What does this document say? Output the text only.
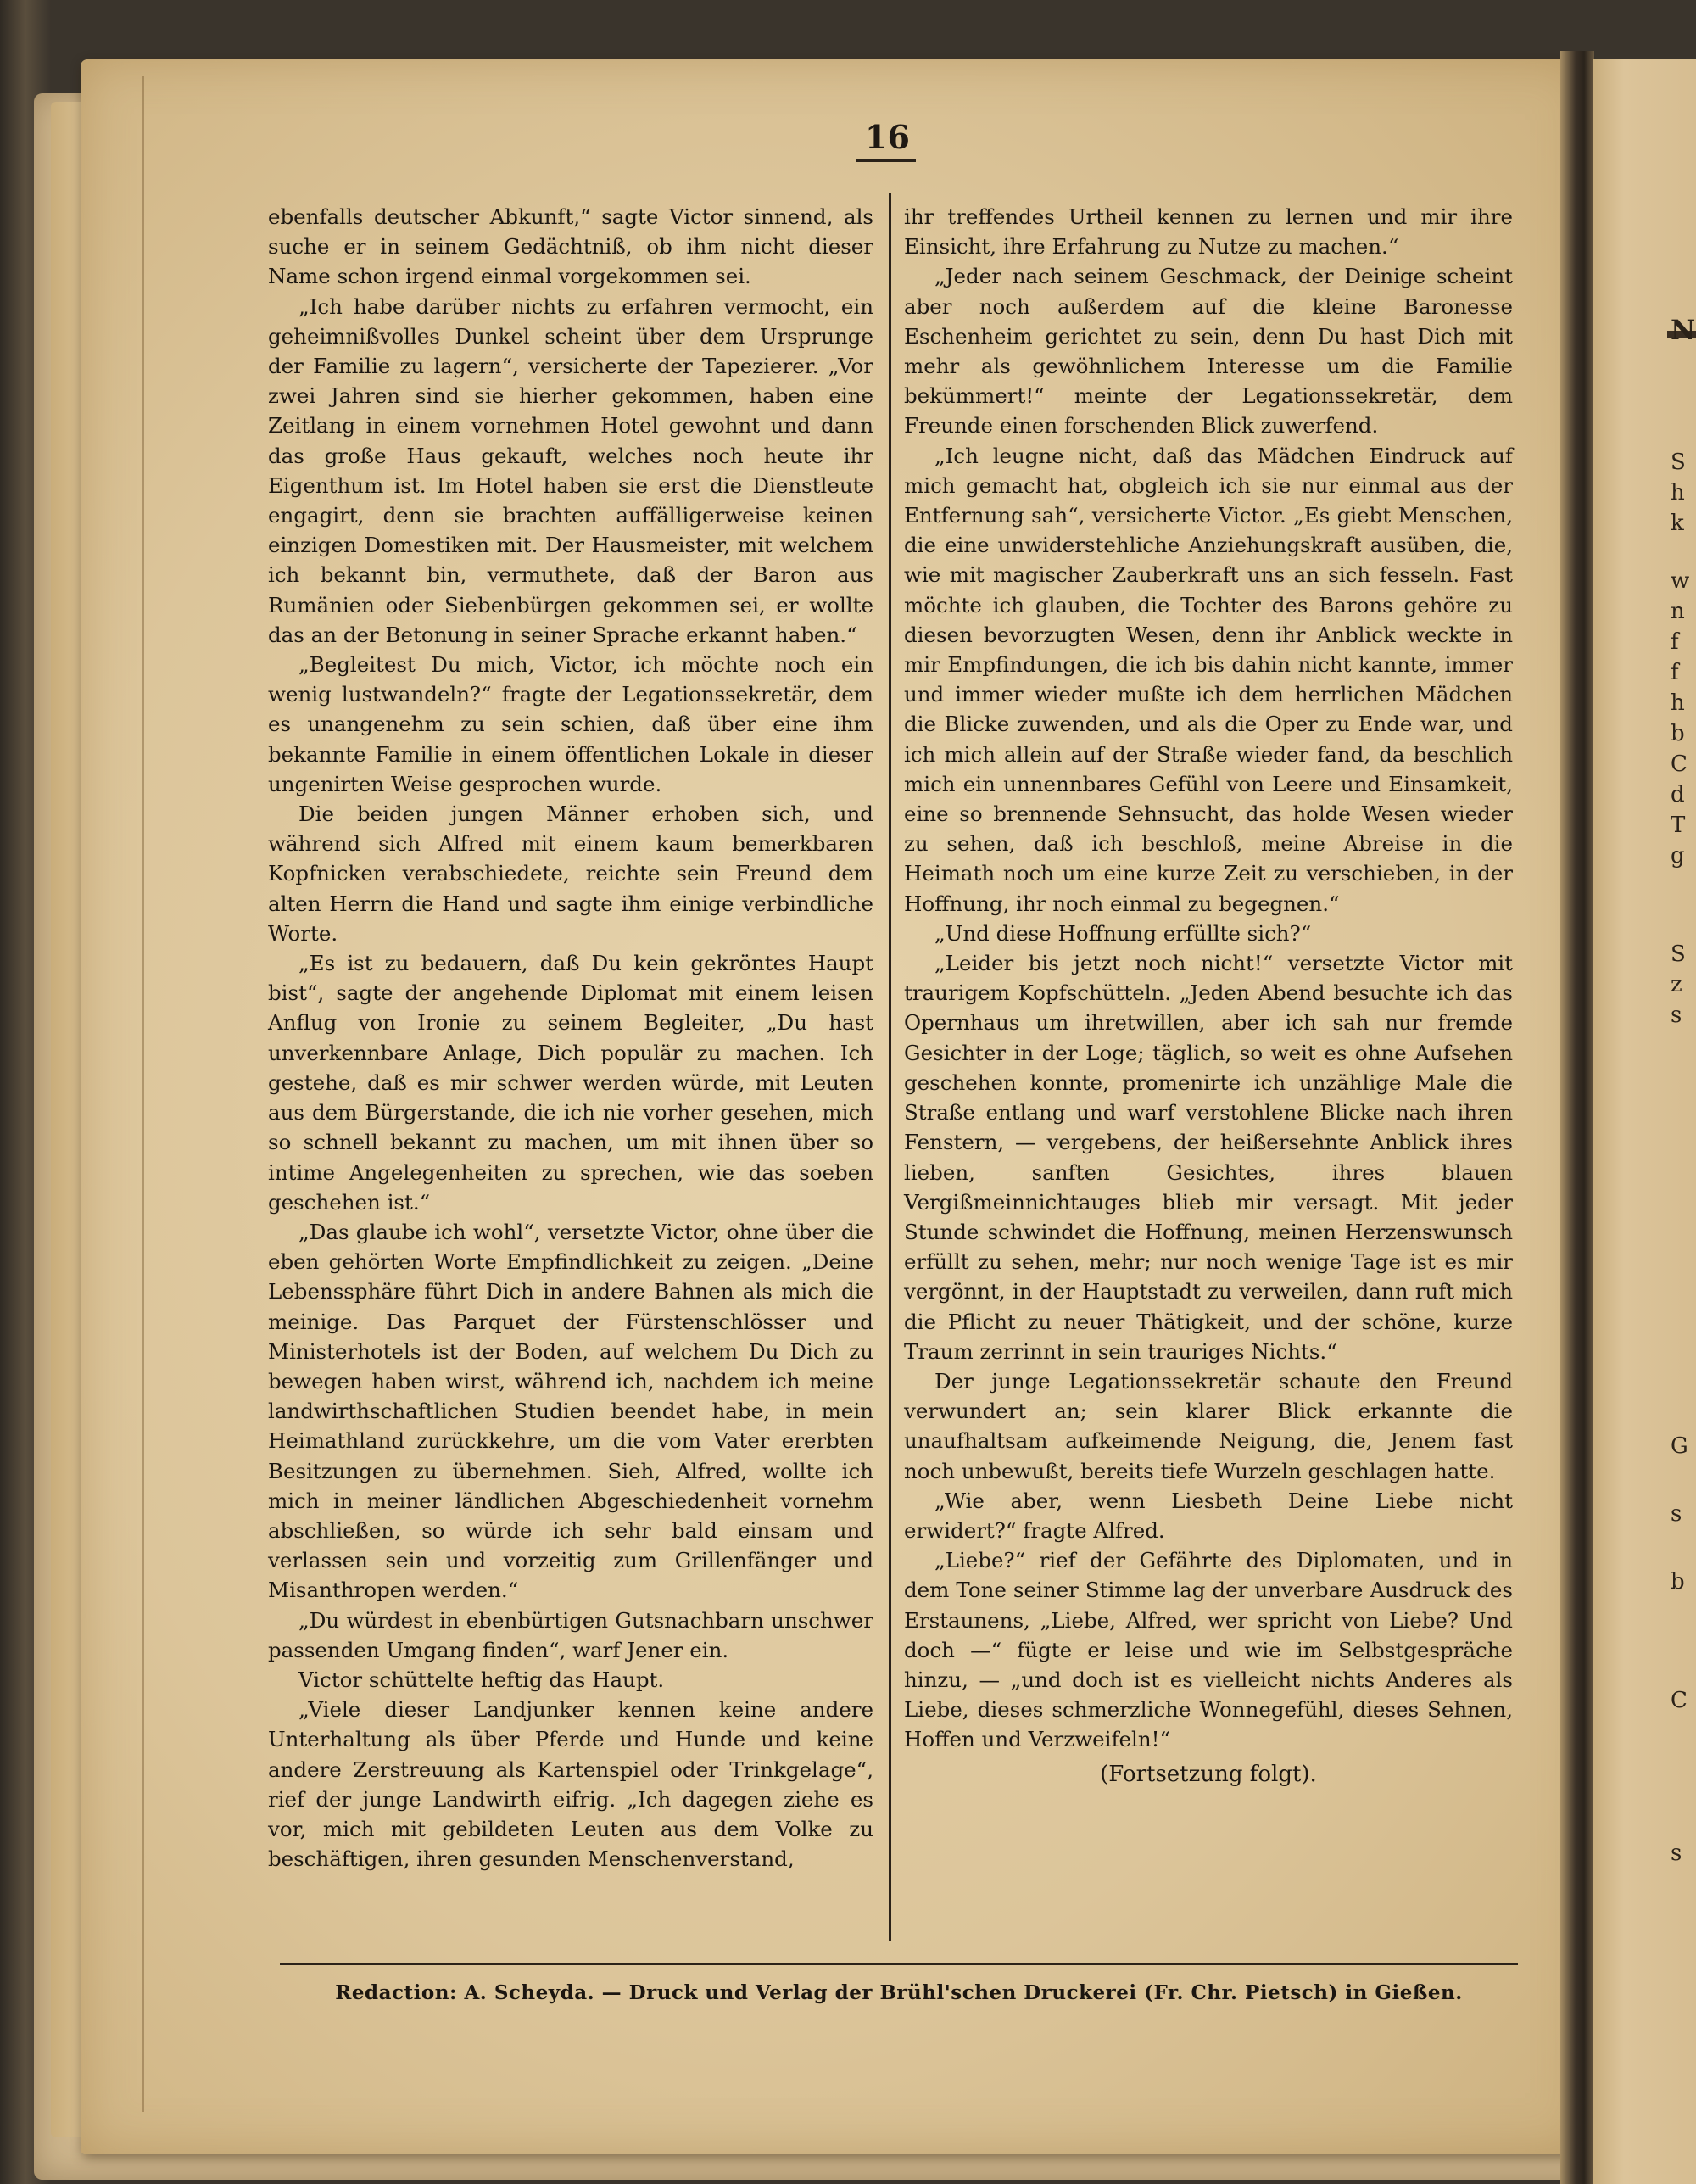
N
S
h
k
w
n
f
f
h
b
C
d
T
g
S
z
s
G
s
b
C
s
16

ebenfalls deutscher Abkunft,“ sagte Victor sinnend, als suche er in seinem Gedächtniß, ob ihm nicht dieser Name schon irgend einmal vorgekommen sei.

„Ich habe darüber nichts zu erfahren vermocht, ein geheimnißvolles Dunkel scheint über dem Ursprunge der Familie zu lagern“, versicherte der Tapezierer. „Vor zwei Jahren sind sie hierher gekommen, haben eine Zeitlang in einem vornehmen Hotel gewohnt und dann das große Haus gekauft, welches noch heute ihr Eigenthum ist. Im Hotel haben sie erst die Dienstleute engagirt, denn sie brachten auffälligerweise keinen einzigen Domestiken mit. Der Hausmeister, mit welchem ich bekannt bin, vermuthete, daß der Baron aus Rumänien oder Siebenbürgen gekommen sei, er wollte das an der Betonung in seiner Sprache erkannt haben.“

„Begleitest Du mich, Victor, ich möchte noch ein wenig lustwandeln?“ fragte der Legationssekretär, dem es unangenehm zu sein schien, daß über eine ihm bekannte Familie in einem öffentlichen Lokale in dieser ungenirten Weise gesprochen wurde.

Die beiden jungen Männer erhoben sich, und während sich Alfred mit einem kaum bemerkbaren Kopfnicken verabschiedete, reichte sein Freund dem alten Herrn die Hand und sagte ihm einige verbindliche Worte.

„Es ist zu bedauern, daß Du kein gekröntes Haupt bist“, sagte der angehende Diplomat mit einem leisen Anflug von Ironie zu seinem Begleiter, „Du hast unverkennbare Anlage, Dich populär zu machen. Ich gestehe, daß es mir schwer werden würde, mit Leuten aus dem Bürgerstande, die ich nie vorher gesehen, mich so schnell bekannt zu machen, um mit ihnen über so intime Angelegenheiten zu sprechen, wie das soeben geschehen ist.“

„Das glaube ich wohl“, versetzte Victor, ohne über die eben gehörten Worte Empfindlichkeit zu zeigen. „Deine Lebenssphäre führt Dich in andere Bahnen als mich die meinige. Das Parquet der Fürstenschlösser und Ministerhotels ist der Boden, auf welchem Du Dich zu bewegen haben wirst, während ich, nachdem ich meine landwirthschaftlichen Studien beendet habe, in mein Heimathland zurückkehre, um die vom Vater ererbten Besitzungen zu übernehmen. Sieh, Alfred, wollte ich mich in meiner ländlichen Abgeschiedenheit vornehm abschließen, so würde ich sehr bald einsam und verlassen sein und vorzeitig zum Grillenfänger und Misanthropen werden.“

„Du würdest in ebenbürtigen Gutsnachbarn unschwer passenden Umgang finden“, warf Jener ein.

Victor schüttelte heftig das Haupt.

„Viele dieser Landjunker kennen keine andere Unterhaltung als über Pferde und Hunde und keine andere Zerstreuung als Kartenspiel oder Trinkgelage“, rief der junge Landwirth eifrig. „Ich dagegen ziehe es vor, mich mit gebildeten Leuten aus dem Volke zu beschäftigen, ihren gesunden Menschenverstand,

ihr treffendes Urtheil kennen zu lernen und mir ihre Einsicht, ihre Erfahrung zu Nutze zu machen.“

„Jeder nach seinem Geschmack, der Deinige scheint aber noch außerdem auf die kleine Baronesse Eschenheim gerichtet zu sein, denn Du hast Dich mit mehr als gewöhnlichem Interesse um die Familie bekümmert!“ meinte der Legationssekretär, dem Freunde einen forschenden Blick zuwerfend.

„Ich leugne nicht, daß das Mädchen Eindruck auf mich gemacht hat, obgleich ich sie nur einmal aus der Entfernung sah“, versicherte Victor. „Es giebt Menschen, die eine unwiderstehliche Anziehungskraft ausüben, die, wie mit magischer Zauberkraft uns an sich fesseln. Fast möchte ich glauben, die Tochter des Barons gehöre zu diesen bevorzugten Wesen, denn ihr Anblick weckte in mir Empfindungen, die ich bis dahin nicht kannte, immer und immer wieder mußte ich dem herrlichen Mädchen die Blicke zuwenden, und als die Oper zu Ende war, und ich mich allein auf der Straße wieder fand, da beschlich mich ein unnennbares Gefühl von Leere und Einsamkeit, eine so brennende Sehnsucht, das holde Wesen wieder zu sehen, daß ich beschloß, meine Abreise in die Heimath noch um eine kurze Zeit zu verschieben, in der Hoffnung, ihr noch einmal zu begegnen.“

„Und diese Hoffnung erfüllte sich?“

„Leider bis jetzt noch nicht!“ versetzte Victor mit traurigem Kopfschütteln. „Jeden Abend besuchte ich das Opernhaus um ihretwillen, aber ich sah nur fremde Gesichter in der Loge; täglich, so weit es ohne Aufsehen geschehen konnte, promenirte ich unzählige Male die Straße entlang und warf verstohlene Blicke nach ihren Fenstern, — vergebens, der heißersehnte Anblick ihres lieben, sanften Gesichtes, ihres blauen Vergißmeinnichtauges blieb mir versagt. Mit jeder Stunde schwindet die Hoffnung, meinen Herzenswunsch erfüllt zu sehen, mehr; nur noch wenige Tage ist es mir vergönnt, in der Hauptstadt zu verweilen, dann ruft mich die Pflicht zu neuer Thätigkeit, und der schöne, kurze Traum zerrinnt in sein trauriges Nichts.“

Der junge Legationssekretär schaute den Freund verwundert an; sein klarer Blick erkannte die unaufhaltsam aufkeimende Neigung, die, Jenem fast noch unbewußt, bereits tiefe Wurzeln geschlagen hatte.

„Wie aber, wenn Liesbeth Deine Liebe nicht erwidert?“ fragte Alfred.

„Liebe?“ rief der Gefährte des Diplomaten, und in dem Tone seiner Stimme lag der unverbare Ausdruck des Erstaunens, „Liebe, Alfred, wer spricht von Liebe? Und doch —“ fügte er leise und wie im Selbstgespräche hinzu, — „und doch ist es vielleicht nichts Anderes als Liebe, dieses schmerzliche Wonnegefühl, dieses Sehnen, Hoffen und Verzweifeln!“

(Fortsetzung folgt).

Redaction: A. Scheyda. — Druck und Verlag der Brühl'schen Druckerei (Fr. Chr. Pietsch) in Gießen.
